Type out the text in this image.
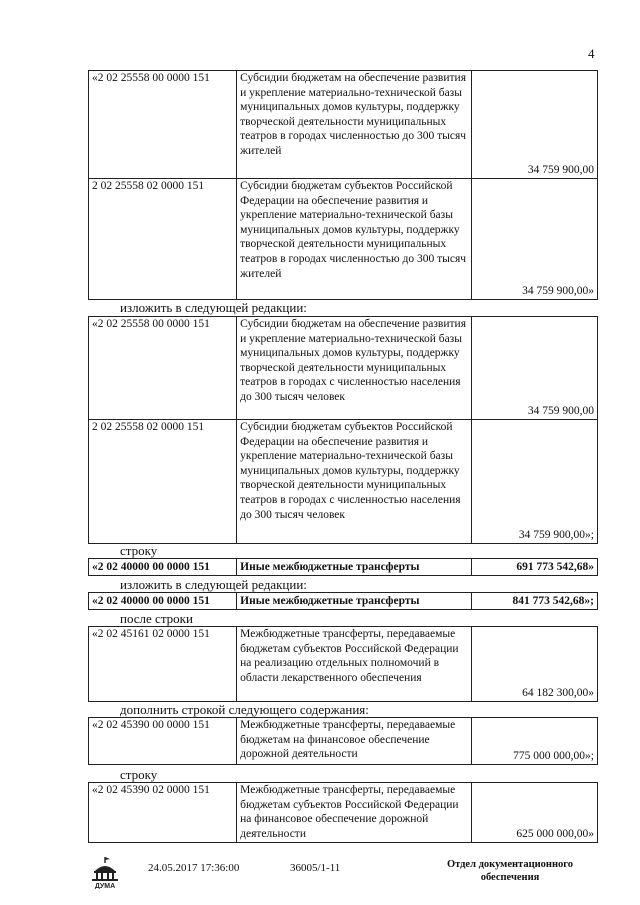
4
«2 02 25558 00 0000 151	Субсидии бюджетам на обеспечение развития и укрепление материально-технической базы муниципальных домов культуры, поддержку творческой деятельности муниципальных театров в городах численностью до 300 тысяч жителей	34 759 900,00
2 02 25558 02 0000 151	Субсидии бюджетам субъектов Российской Федерации на обеспечение развития и укрепление материально-технической базы муниципальных домов культуры, поддержку творческой деятельности муниципальных театров в городах численностью до 300 тысяч жителей	34 759 900,00»
изложить в следующей редакции:
«2 02 25558 00 0000 151	Субсидии бюджетам на обеспечение развития и укрепление материально-технической базы муниципальных домов культуры, поддержку творческой деятельности муниципальных театров в городах с численностью населения до 300 тысяч человек	34 759 900,00
2 02 25558 02 0000 151	Субсидии бюджетам субъектов Российской Федерации на обеспечение развития и укрепление материально-технической базы муниципальных домов культуры, поддержку творческой деятельности муниципальных театров в городах с численностью населения до 300 тысяч человек	34 759 900,00»;
строку
«2 02 40000 00 0000 151	Иные межбюджетные трансферты	691 773 542,68»
изложить в следующей редакции:
«2 02 40000 00 0000 151	Иные межбюджетные трансферты	841 773 542,68»;
после строки
«2 02 45161 02 0000 151	Межбюджетные трансферты, передаваемые бюджетам субъектов Российской Федерации на реализацию отдельных полномочий в области лекарственного обеспечения	64 182 300,00»
дополнить строкой следующего содержания:
«2 02 45390 00 0000 151	Межбюджетные трансферты, передаваемые бюджетам на финансовое обеспечение дорожной деятельности	775 000 000,00»;
строку
«2 02 45390 02 0000 151	Межбюджетные трансферты, передаваемые бюджетам субъектов Российской Федерации на финансовое обеспечение дорожной деятельности	625 000 000,00»
ДУМА
24.05.2017 17:36:00	36005/1-11	Отдел документационного
обеспечения
